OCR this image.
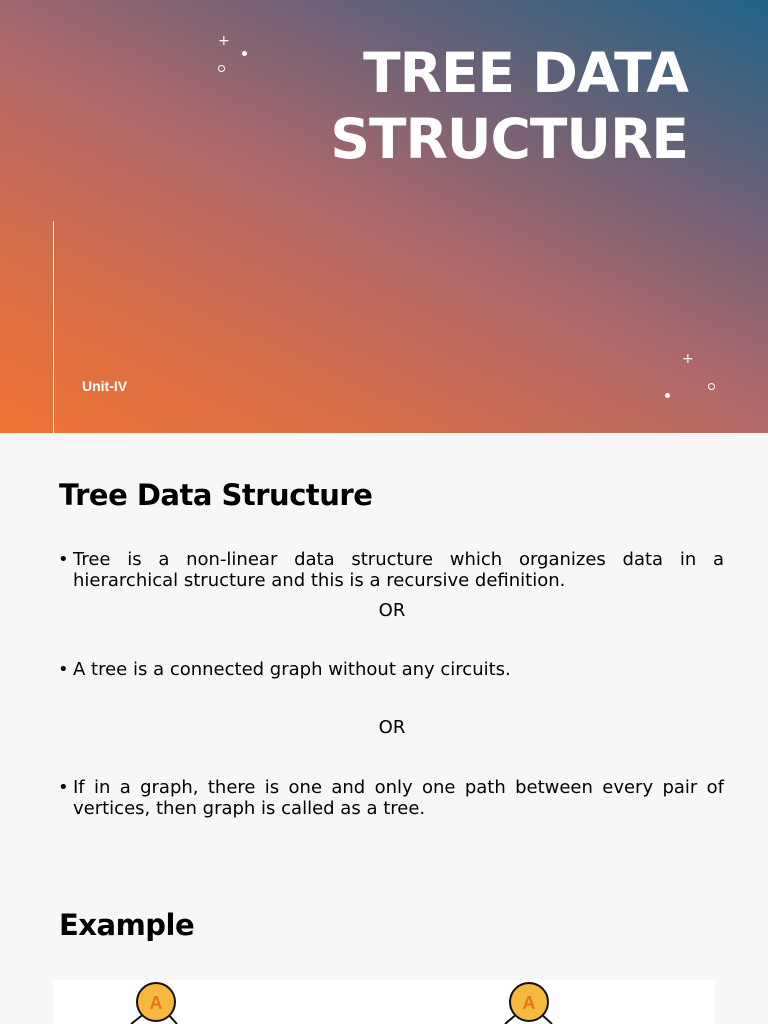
+
+
TREE DATA
STRUCTURE
Unit-IV
Tree Data Structure
• Tree is a non-linear data structure which organizes data in a hierarchical structure and this is a recursive definition.
OR
• A tree is a connected graph without any circuits.
OR
• If in a graph, there is one and only one path between every pair of vertices, then graph is called as a tree.
Example
A	A
